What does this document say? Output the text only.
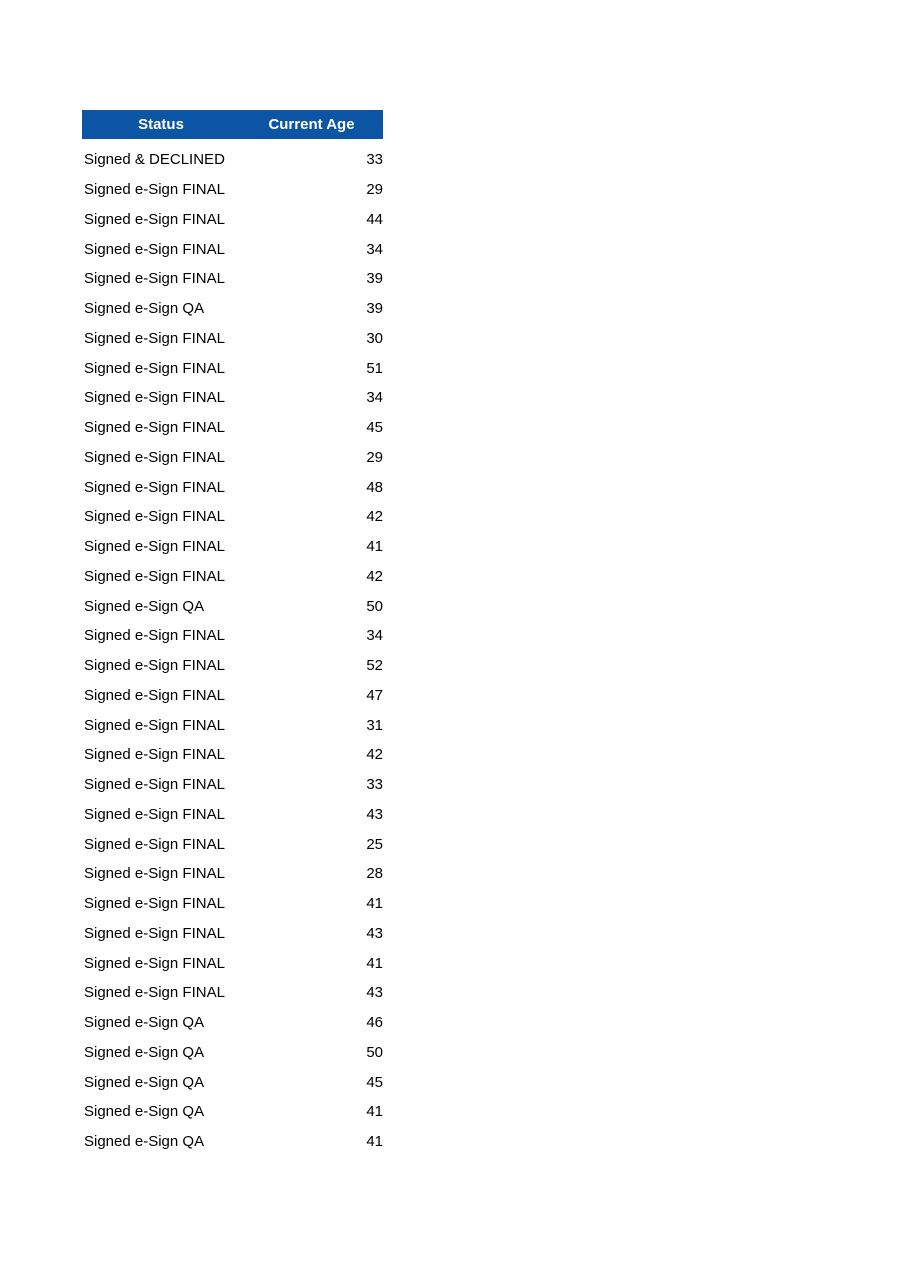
Status	Current Age
Signed & DECLINED	33
Signed e-Sign FINAL	29
Signed e-Sign FINAL	44
Signed e-Sign FINAL	34
Signed e-Sign FINAL	39
Signed e-Sign QA	39
Signed e-Sign FINAL	30
Signed e-Sign FINAL	51
Signed e-Sign FINAL	34
Signed e-Sign FINAL	45
Signed e-Sign FINAL	29
Signed e-Sign FINAL	48
Signed e-Sign FINAL	42
Signed e-Sign FINAL	41
Signed e-Sign FINAL	42
Signed e-Sign QA	50
Signed e-Sign FINAL	34
Signed e-Sign FINAL	52
Signed e-Sign FINAL	47
Signed e-Sign FINAL	31
Signed e-Sign FINAL	42
Signed e-Sign FINAL	33
Signed e-Sign FINAL	43
Signed e-Sign FINAL	25
Signed e-Sign FINAL	28
Signed e-Sign FINAL	41
Signed e-Sign FINAL	43
Signed e-Sign FINAL	41
Signed e-Sign FINAL	43
Signed e-Sign QA	46
Signed e-Sign QA	50
Signed e-Sign QA	45
Signed e-Sign QA	41
Signed e-Sign QA	41
